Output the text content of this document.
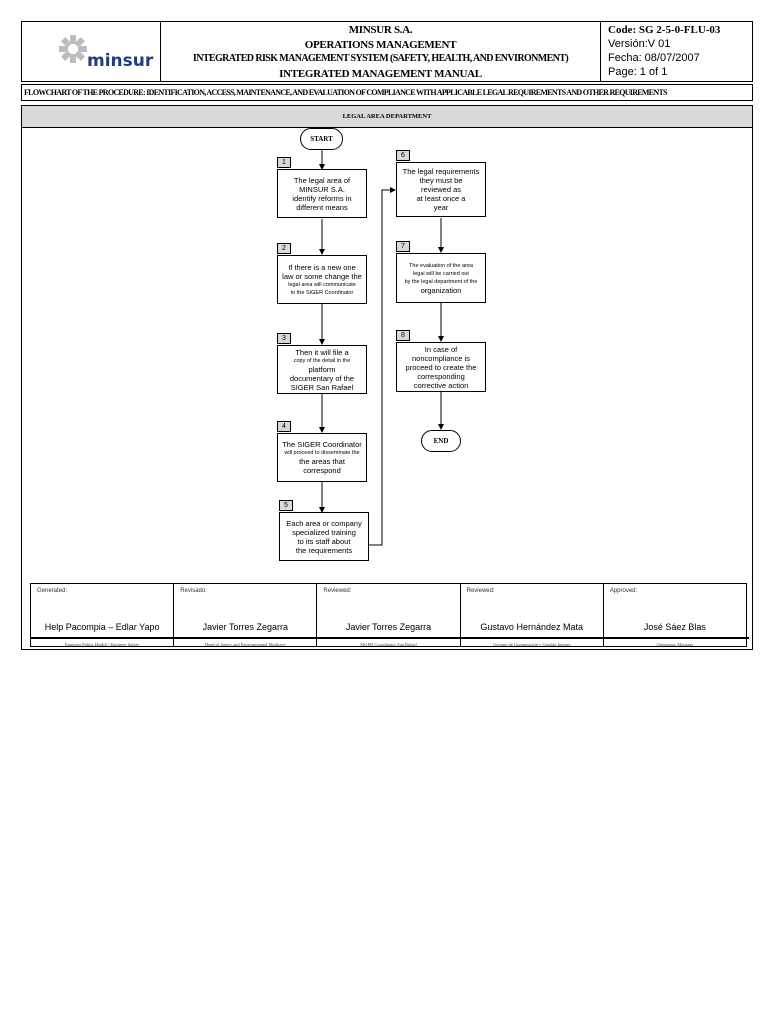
minsur
MINSUR S.A.
OPERATIONS MANAGEMENT
INTEGRATED RISK MANAGEMENT SYSTEM (SAFETY, HEALTH, AND ENVIRONMENT)
INTEGRATED MANAGEMENT MANUAL
Code: SG 2-5-0-FLU-03
Versión:V 01
Fecha: 08/07/2007
Page: 1 of 1
FLOWCHART OF THE PROCEDURE: IDENTIFICATION, ACCESS, MAINTENANCE, AND EVALUATION OF COMPLIANCE WITH APPLICABLE LEGAL REQUIREMENTS AND OTHER REQUIREMENTS
LEGAL AREA DEPARTMENT
START
END
1
The legal area of
MINSUR S.A.
identify reforms in
different means
2
If there is a new one
law or some change the
legal area will communicate
to the SIGER Coordinator
3
Then it will file a
copy of the detail in the
platform
documentary of the
SIGER San Rafael
4
The SIGER Coordinator
will proceed to disseminate the
the areas that
correspond
5
Each area or company
specialized training
to its staff about
the requirements
6
The legal requirements
they must be
reviewed as
at least once a
year
7
The evaluation of the area
legal will be carried out
by the legal department of the
organization
8
In case of
noncompliance is
proceed to create the
corresponding
corrective action
Generated:
Help Pacompia – Edlar Yapo
Engineer Public Health / Engineer Safety
Revisado:
Javier Torres Zegarra
Head of Safety and Environmental Medicine
Reviewed:
Javier Torres Zegarra
SIGER Coordinator San Rafael
Reviewed:
Gustavo Hernández Mata
Gerente de Organización y Gestión Interna
Approved:
José Sáez Blas
Operations Manager
